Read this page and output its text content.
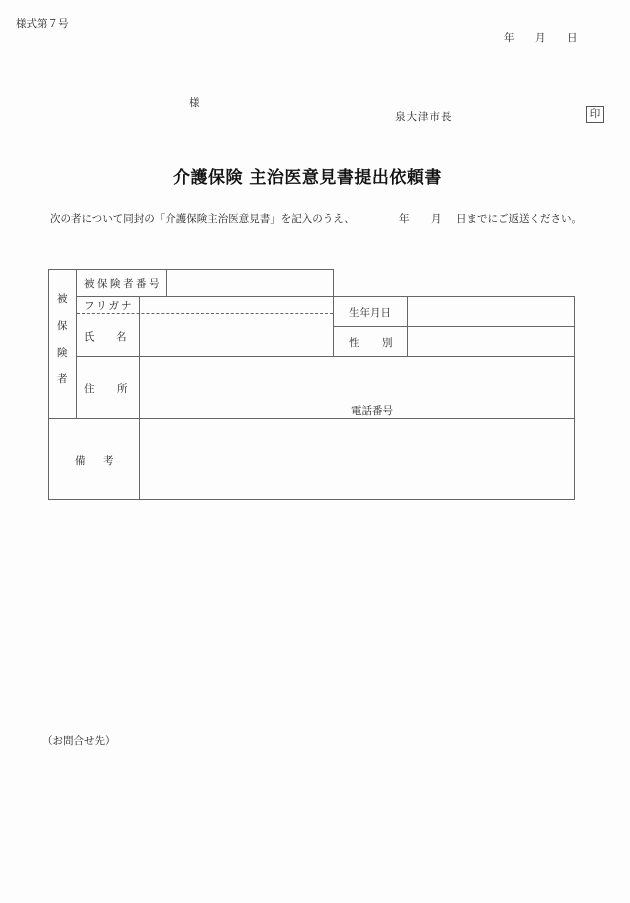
様式第７号
年 月 日
様
泉大津市長	印
介護保険 主治医意見書提出依頼書
次の者について同封の「介護保険主治医意見書」を記入のうえ、	年 月 日までにご返送ください。
被
保
険
者
被保険者番号
フリガナ
氏 名
生年月日
性 別
住 所
電話番号
備 考
（お問合せ先）
